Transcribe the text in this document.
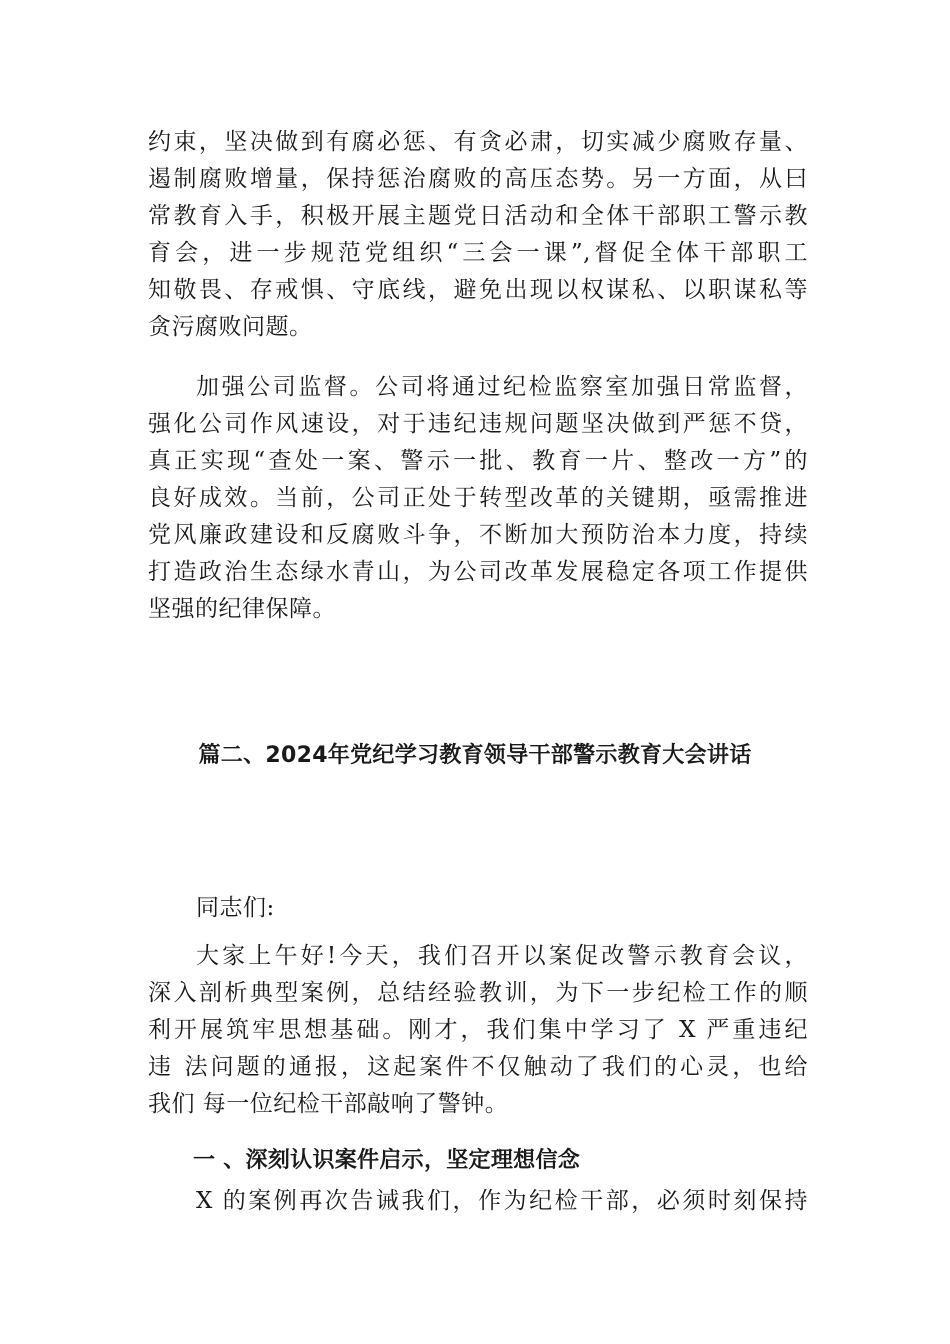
约束，坚决做到有腐必惩、有贪必肃，切实减少腐败存量、
遏制腐败增量，保持惩治腐败的高压态势。另一方面，从曰
常教育入手，积极开展主题党日活动和全体干部职工警示教
育会，进一步规范党组织“三会一课”,督促全体干部职工
知敬畏、存戒惧、守底线，避免出现以权谋私、以职谋私等
贪污腐败问题。
加强公司监督。公司将通过纪检监察室加强日常监督，
强化公司作风速设，对于违纪违规问题坚决做到严惩不贷，
真正实现“查处一案、警示一批、教育一片、整改一方”的
良好成效。当前，公司正处于转型改革的关键期，亟需推进
党风廉政建设和反腐败斗争，不断加大预防治本力度，持续
打造政治生态绿水青山，为公司改革发展稳定各项工作提供
坚强的纪律保障。
篇二、2024年党纪学习教育领导干部警示教育大会讲话
同志们:
大家上午好!今天，我们召开以案促改警示教育会议，
深入剖析典型案例，总结经验教训，为下一步纪检工作的顺
利开展筑牢思想基础。刚才，我们集中学习了 X 严重违纪
违 法问题的通报，这起案件不仅触动了我们的心灵，也给
我们 每一位纪检干部敲响了警钟。
一 、深刻认识案件启示，坚定理想信念
X 的案例再次告诫我们，作为纪检干部，必须时刻保持
